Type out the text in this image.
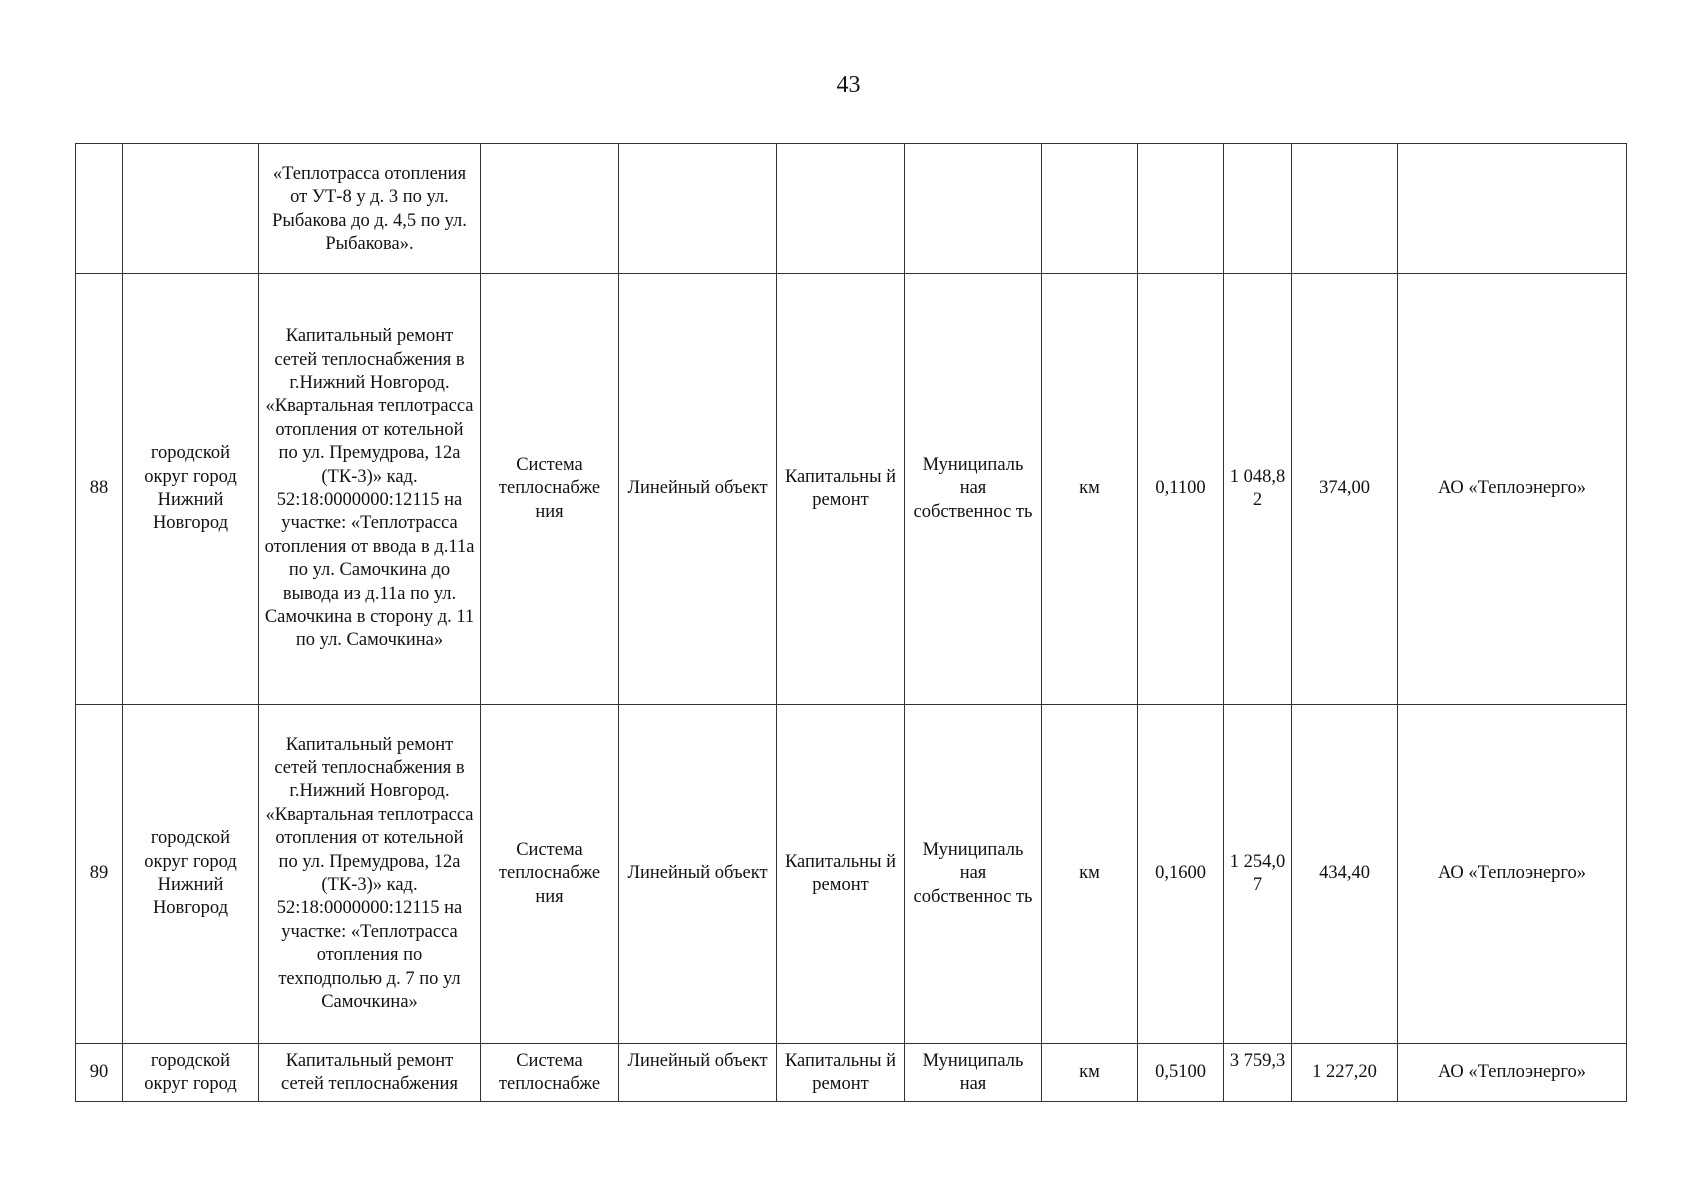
43
		«Теплотрасса отопления от УТ-8 у д. 3 по ул. Рыбакова до д. 4,5 по ул. Рыбакова».									
88	городской округ город Нижний Новгород	Капитальный ремонт сетей теплоснабжения в г.Нижний Новгород. «Квартальная теплотрасса отопления от котельной по ул. Премудрова, 12а (ТК-3)» кад. 52:18:0000000:12115 на участке: «Теплотрасса отопления от ввода в д.11а по ул. Самочкина до вывода из д.11а по ул. Самочкина в сторону д. 11 по ул. Самочкина»	Система теплоснабже ния	Линейный объект	Капитальны й ремонт	Муниципаль ная собственнос ть	км	0,1100	1 048,8 2	374,00	АО «Теплоэнерго»
89	городской округ город Нижний Новгород	Капитальный ремонт сетей теплоснабжения в г.Нижний Новгород. «Квартальная теплотрасса отопления от котельной по ул. Премудрова, 12а (ТК-3)» кад. 52:18:0000000:12115 на участке: «Теплотрасса отопления по техподполью д. 7 по ул Самочкина»	Система теплоснабже ния	Линейный объект	Капитальны й ремонт	Муниципаль ная собственнос ть	км	0,1600	1 254,0 7	434,40	АО «Теплоэнерго»
90	городской округ город	Капитальный ремонт сетей теплоснабжения	Система теплоснабже	Линейный объект	Капитальны й ремонт	Муниципаль ная	км	0,5100	3 759,3	1 227,20	АО «Теплоэнерго»
